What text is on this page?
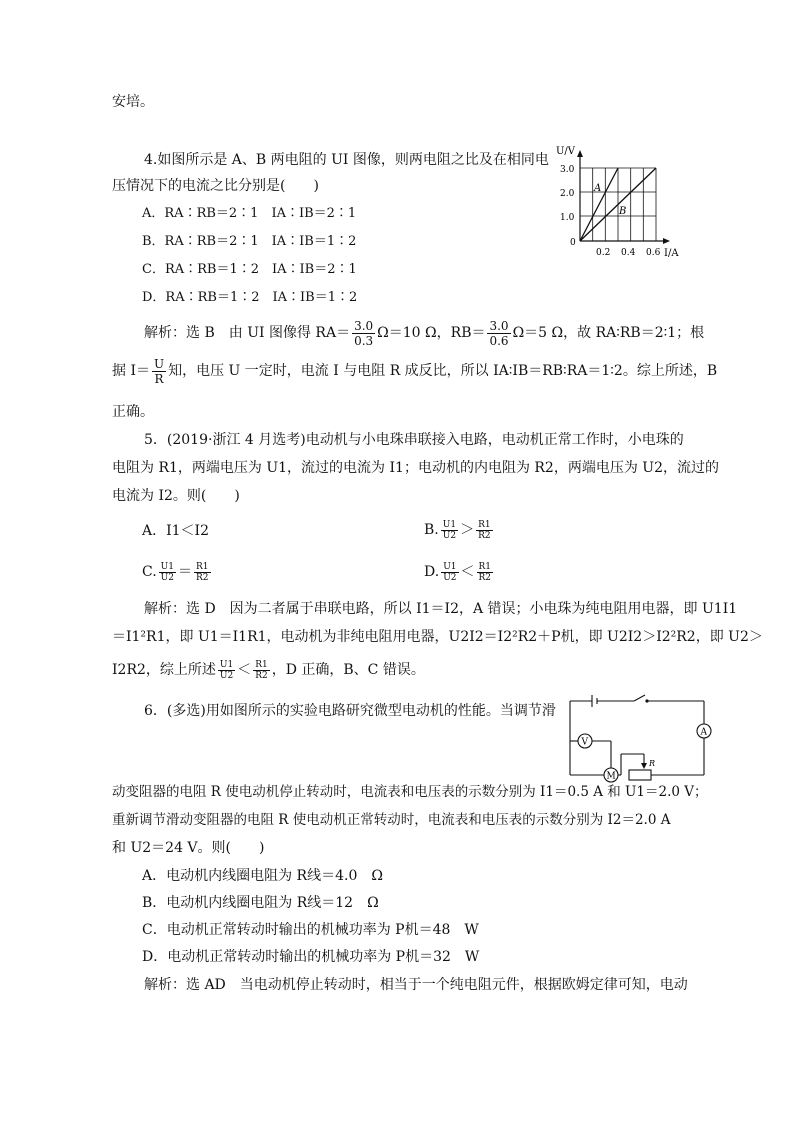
安培。
4.如图所示是 A、B 两电阻的 UI 图像，则两电阻之比及在相同电
压情况下的电流之比分别是(　　)
A．RA∶RB＝2∶1　IA∶IB＝2∶1
B．RA∶RB＝2∶1　IA∶IB＝1∶2
C．RA∶RB＝1∶2　IA∶IB＝2∶1
D．RA∶RB＝1∶2　IA∶IB＝1∶2
A
B
U/V
I/A
3.0
2.0
1.0
0
0.2 0.4 0.6
解析：选 B　由 UI 图像得 $RA= \frac{3.0}{0.3} \Omega=10$ Ω，$RB= \frac{3.0}{0.6} \Omega=5$ Ω，故 RA∶RB＝2∶1；根
据 $I= \frac{U}{R}$ 知，电压 U 一定时，电流 I 与电阻 R 成反比，所以 IA∶IB＝RB∶RA＝1∶2。综上所述，B
正确。
5．(2019·浙江 4 月选考)电动机与小电珠串联接入电路，电动机正常工作时，小电珠的
电阻为 R1，两端电压为 U1，流过的电流为 I1；电动机的内电阻为 R2，两端电压为 U2，流过的
电流为 I2。则(　　)
A．I1＜I2	B. $\frac{U1}{U2} > \frac{R1}{R2}$
C. $\frac{U1}{U2} = \frac{R1}{R2}$	D. $\frac{U1}{U2} < \frac{R1}{R2}$
解析：选 D　因为二者属于串联电路，所以 I1＝I2，A 错误；小电珠为纯电阻用电器，即 U1I1
＝I1²R1，即 U1＝I1R1，电动机为非纯电阻用电器，U2I2＝I2²R2＋P机，即 U2I2＞I2²R2，即 U2＞
I2R2，综上所述 $\frac{U1}{U2} < \frac{R1}{R2}$ ，D 正确，B、C 错误。
6．(多选)用如图所示的实验电路研究微型电动机的性能。当调节滑
A
V
M
R
动变阻器的电阻 R 使电动机停止转动时，电流表和电压表的示数分别为 I1＝0.5 A 和 U1＝2.0 V；
重新调节滑动变阻器的电阻 R 使电动机正常转动时，电流表和电压表的示数分别为 I2＝2.0 A
和 U2＝24 V。则(　　)
A．电动机内线圈电阻为 R线＝4.0　Ω
B．电动机内线圈电阻为 R线＝12　Ω
C．电动机正常转动时输出的机械功率为 P机＝48　W
D．电动机正常转动时输出的机械功率为 P机＝32　W
解析：选 AD　当电动机停止转动时，相当于一个纯电阻元件，根据欧姆定律可知，电动
